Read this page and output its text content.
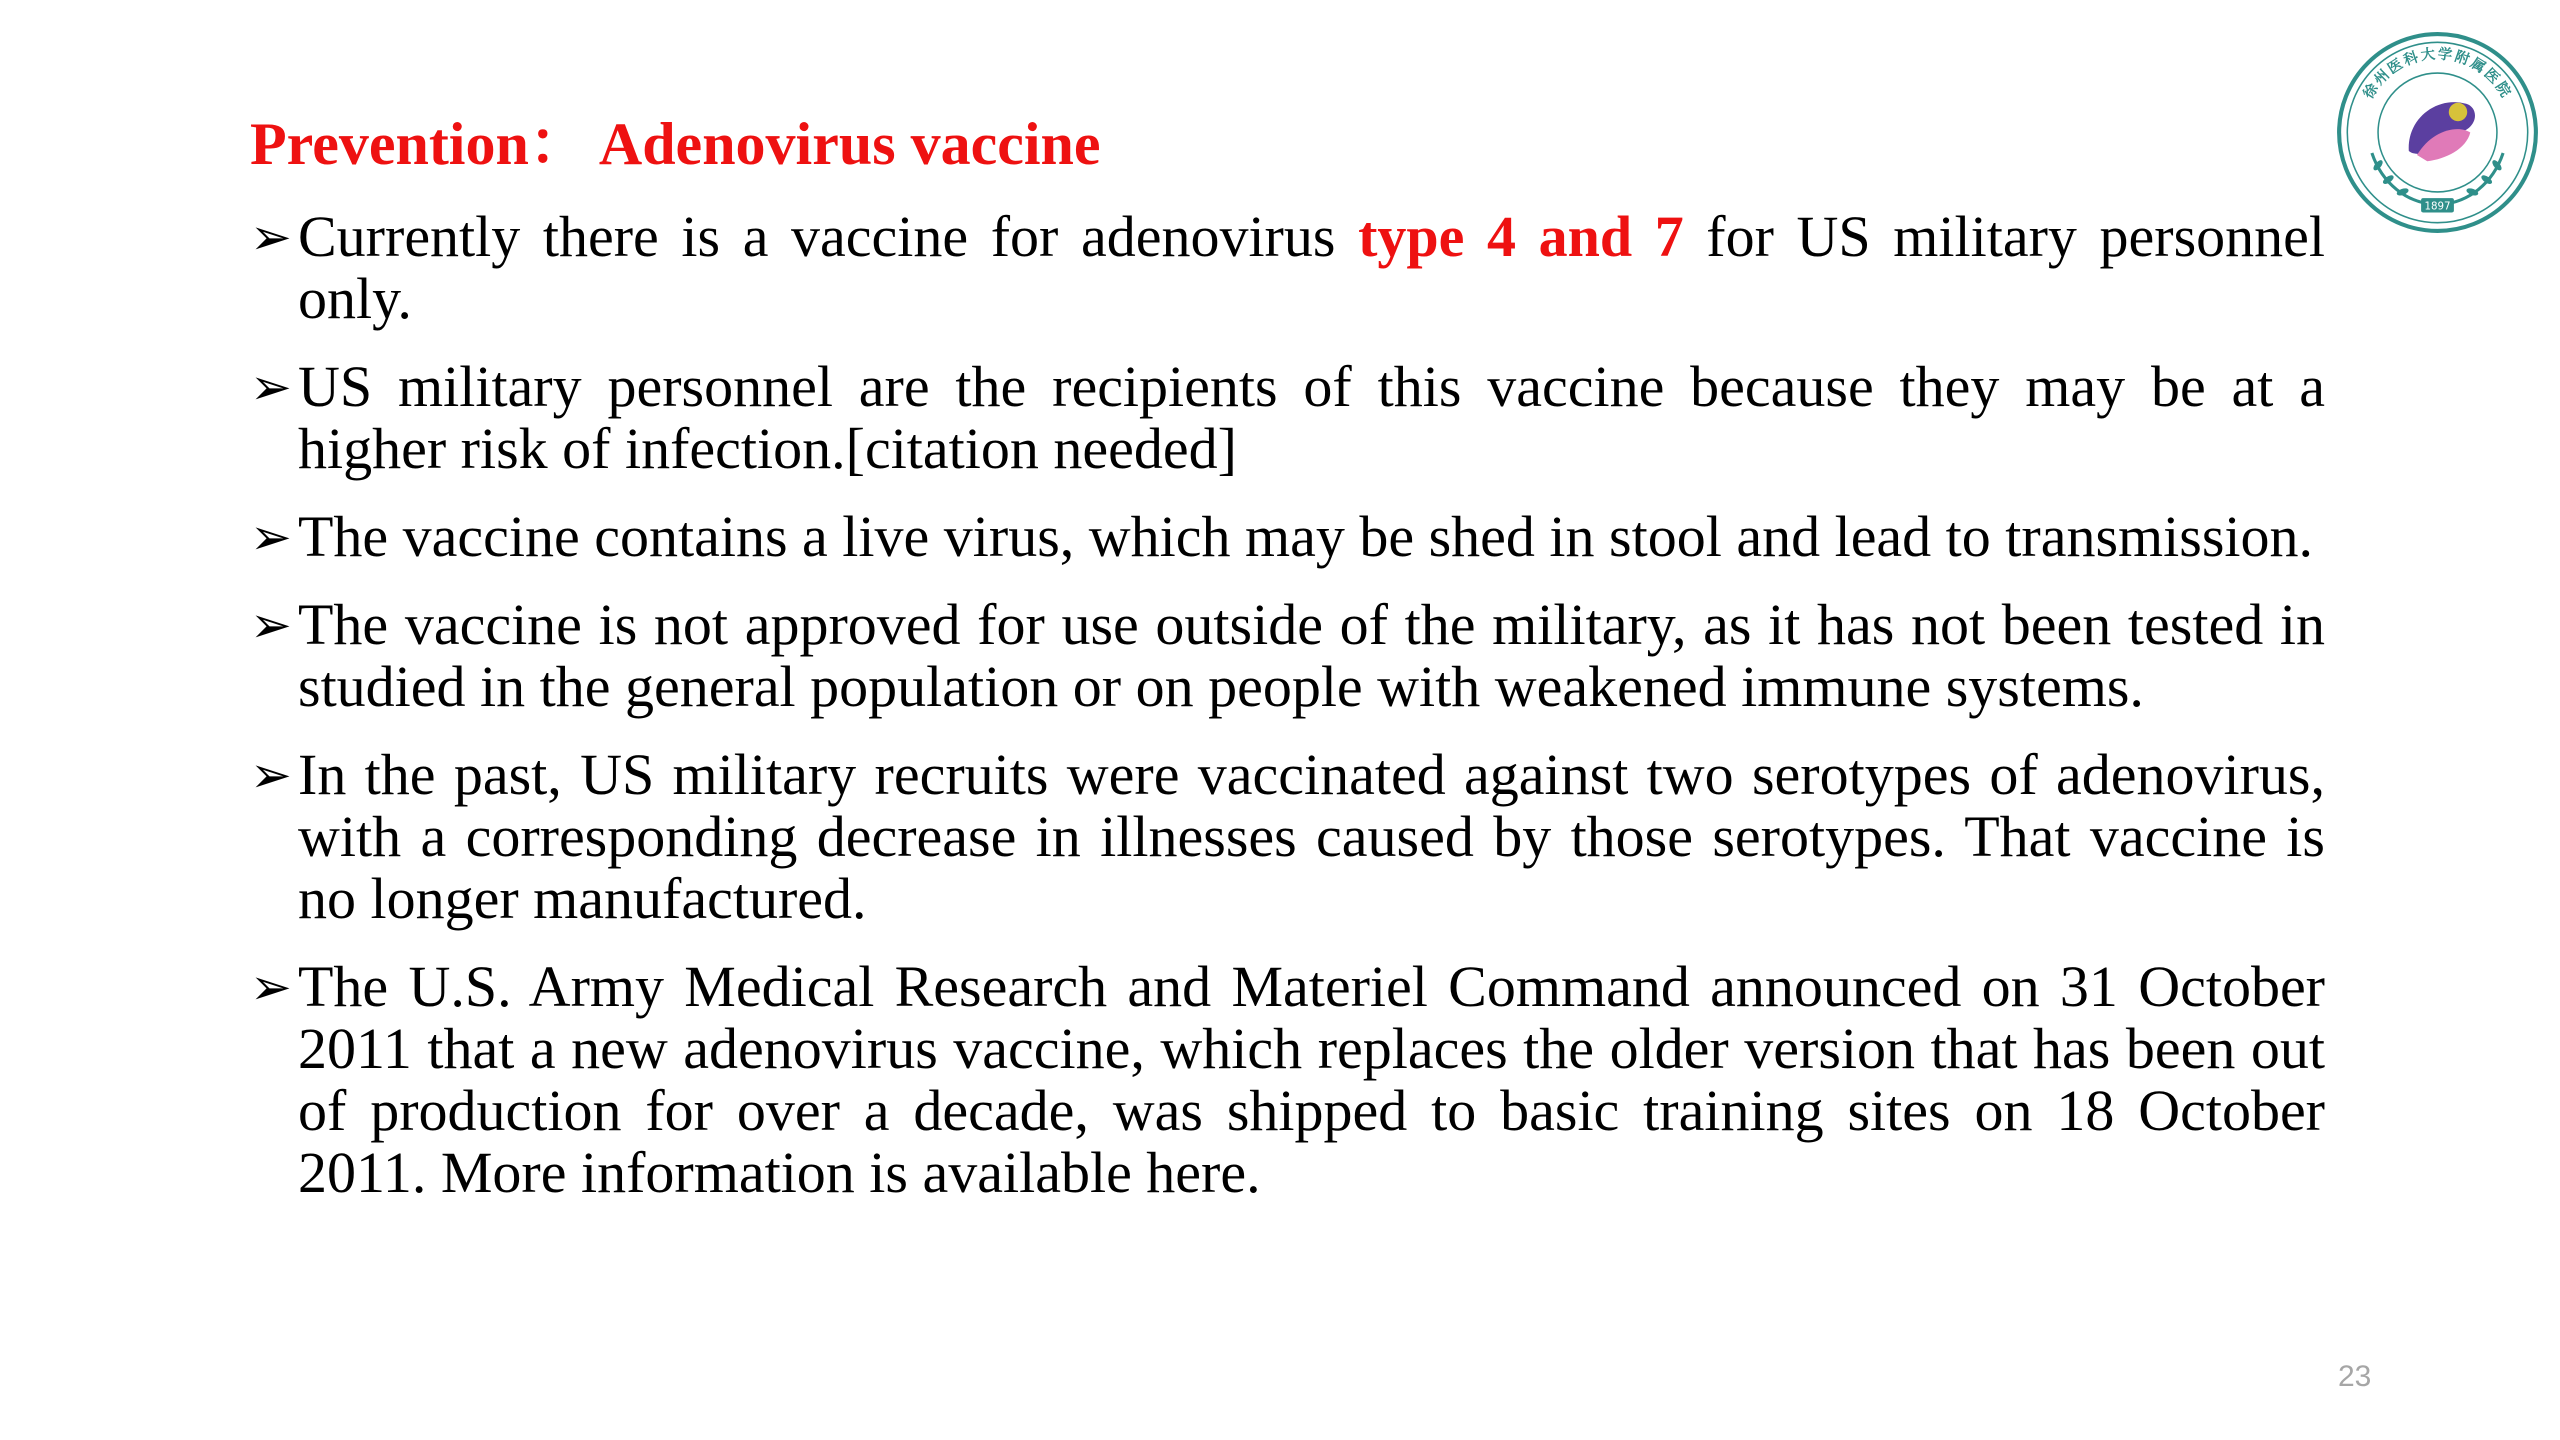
Prevention： Adenovirus vaccine
➢ Currently there is a vaccine for adenovirus type 4 and 7 for US military personnel only.
➢ US military personnel are the recipients of this vaccine because they may be at a higher risk of infection.[citation needed]
➢ The vaccine contains a live virus, which may be shed in stool and lead to transmission.
➢ The vaccine is not approved for use outside of the military, as it has not been tested in studied in the general population or on people with weakened immune systems.
➢ In the past, US military recruits were vaccinated against two serotypes of adenovirus, with a corresponding decrease in illnesses caused by those serotypes. That vaccine is no longer manufactured.
➢ The U.S. Army Medical Research and Materiel Command announced on 31 October 2011 that a new adenovirus vaccine, which replaces the older version that has been out of production for over a decade, was shipped to basic training sites on 18 October 2011. More information is available here.
徐州医科大学附属医院
1897
23
